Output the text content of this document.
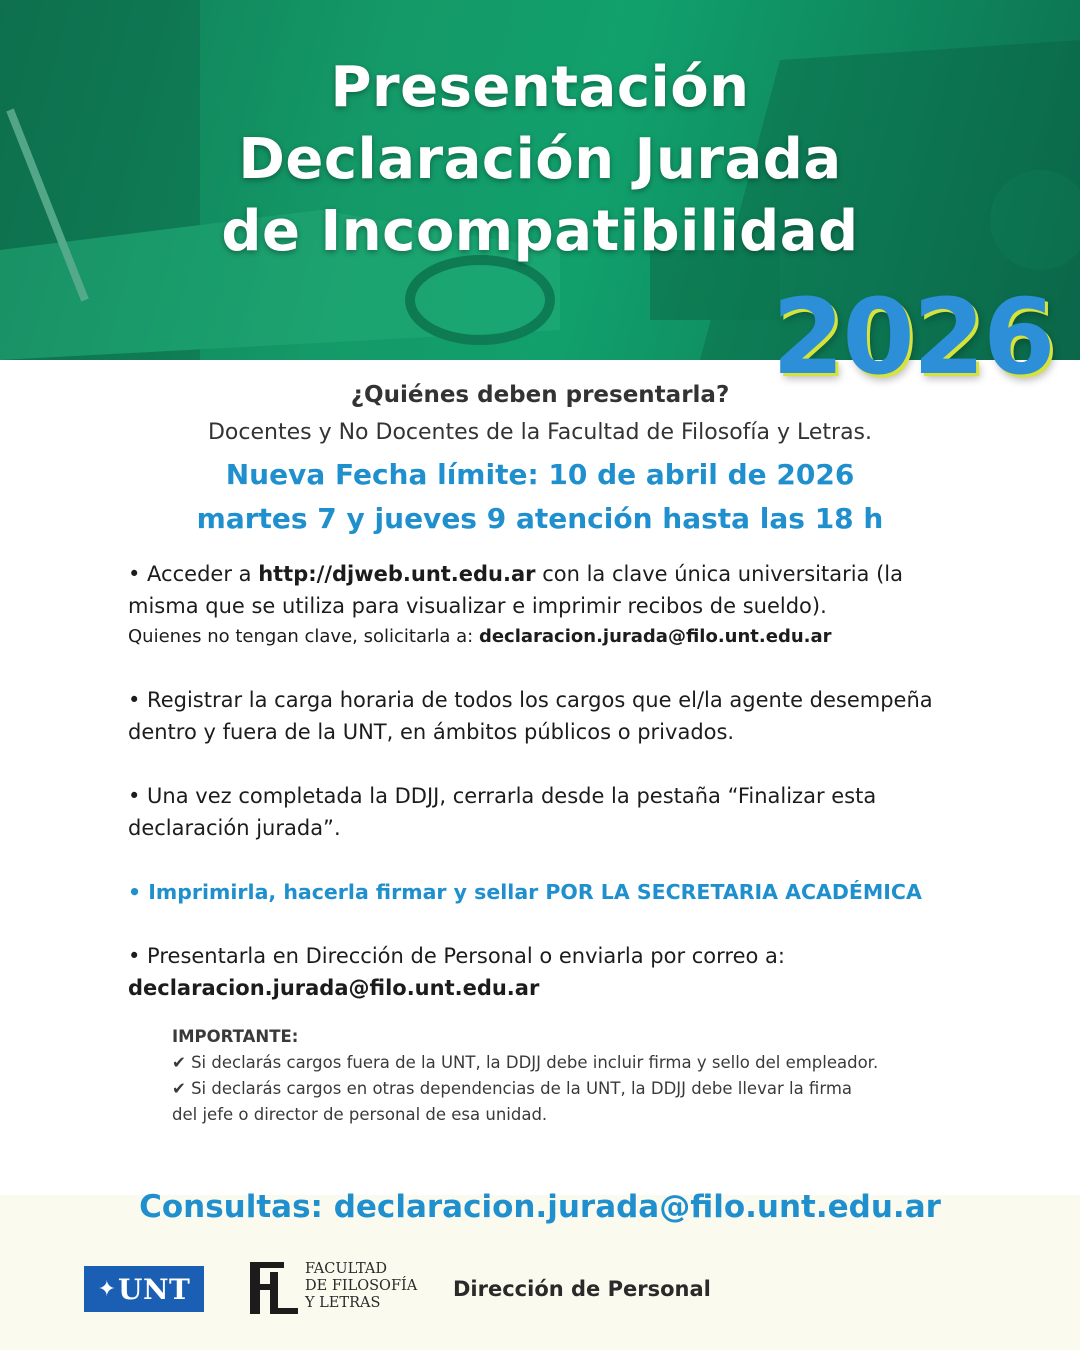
Presentación
Declaración Jurada
de Incompatibilidad
2026
¿Quiénes deben presentarla?
Docentes y No Docentes de la Facultad de Filosofía y Letras.
Nueva Fecha límite: 10 de abril de 2026
martes 7 y jueves 9 atención hasta las 18 h
• Acceder a http://djweb.unt.edu.ar con la clave única universitaria (la misma que se utiliza para visualizar e imprimir recibos de sueldo).
Quienes no tengan clave, solicitarla a: declaracion.jurada@filo.unt.edu.ar
• Registrar la carga horaria de todos los cargos que el/la agente desempeña dentro y fuera de la UNT, en ámbitos públicos o privados.
• Una vez completada la DDJJ, cerrarla desde la pestaña “Finalizar esta declaración jurada”.
• Imprimirla, hacerla firmar y sellar POR LA SECRETARIA ACADÉMICA
• Presentarla en Dirección de Personal o enviarla por correo a:
declaracion.jurada@filo.unt.edu.ar
IMPORTANTE:
✔ Si declarás cargos fuera de la UNT, la DDJJ debe incluir firma y sello del empleador.
✔ Si declarás cargos en otras dependencias de la UNT, la DDJJ debe llevar la firma del jefe o director de personal de esa unidad.
Consultas: declaracion.jurada@filo.unt.edu.ar
✦ UNT
FACULTAD
DE FILOSOFÍA
Y LETRAS
Dirección de Personal
